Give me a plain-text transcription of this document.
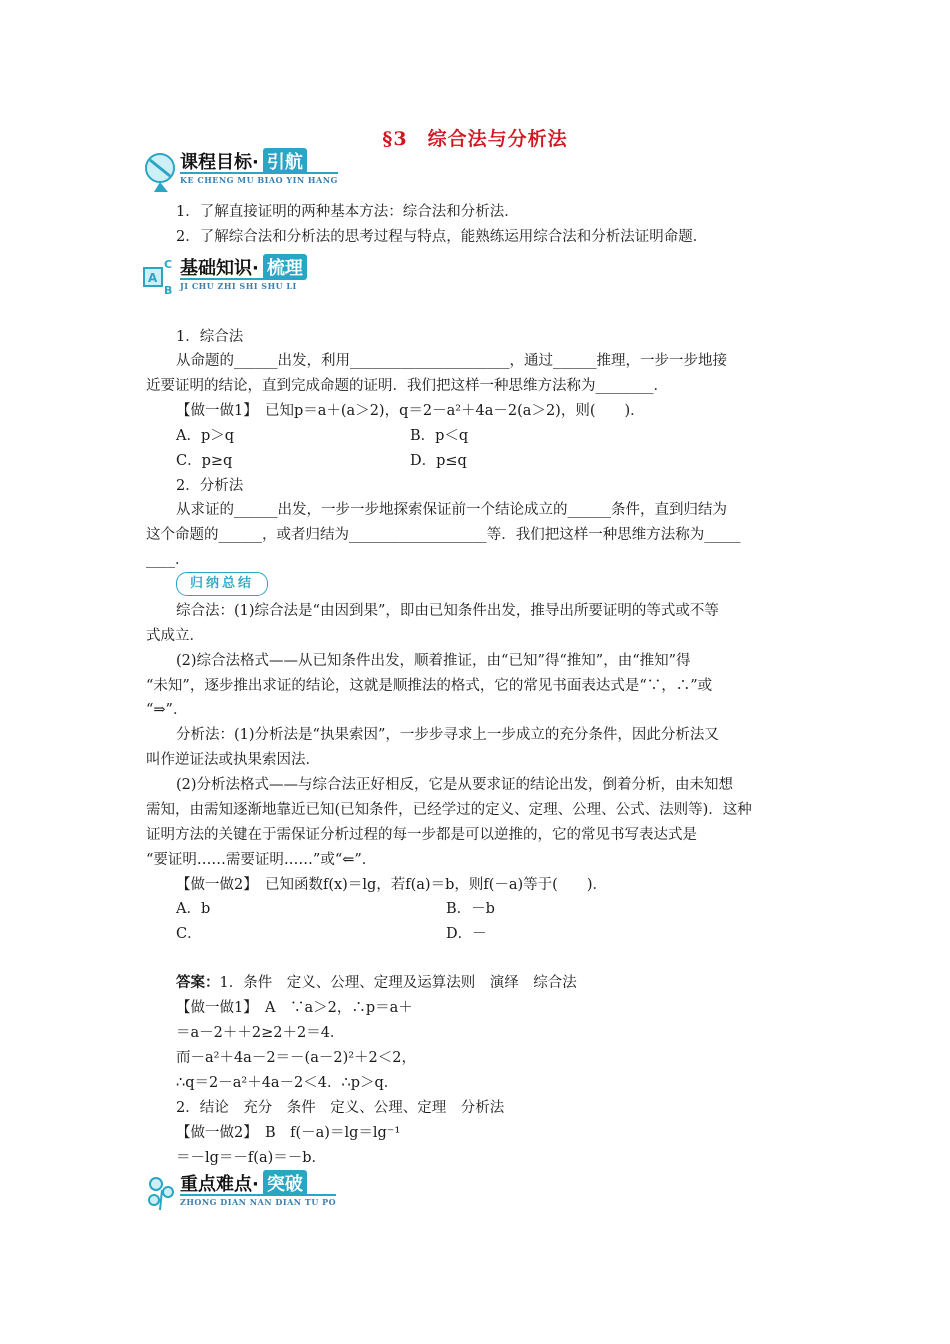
§3　综合法与分析法
课程目标· 引航
KE CHENG MU BIAO YIN HANG
1．了解直接证明的两种基本方法：综合法和分析法．
2．了解综合法和分析法的思考过程与特点，能熟练运用综合法和分析法证明命题．
A
C
B
基础知识· 梳理
JI CHU ZHI SHI SHU LI
1．综合法
从命题的______出发，利用______________________，通过______推理，一步一步地接
近要证明的结论，直到完成命题的证明．我们把这样一种思维方法称为________．
【做一做1】　已知p＝a＋(a＞2)，q＝2－a²＋4a－2(a＞2)，则(　　)．
A．p＞q	B．p＜q
C．p≥q	D．p≤q
2．分析法
从求证的______出发，一步一步地探索保证前一个结论成立的______条件，直到归结为
这个命题的______，或者归结为___________________等．我们把这样一种思维方法称为_____
____．
归纳总结
综合法：(1)综合法是“由因到果”，即由已知条件出发，推导出所要证明的等式或不等
式成立．
(2)综合法格式——从已知条件出发，顺着推证，由“已知”得“推知”，由“推知”得
“未知”，逐步推出求证的结论，这就是顺推法的格式，它的常见书面表达式是“∵，∴”或
“⇒”．
分析法：(1)分析法是“执果索因”，一步步寻求上一步成立的充分条件，因此分析法又
叫作逆证法或执果索因法．
(2)分析法格式——与综合法正好相反，它是从要求证的结论出发，倒着分析，由未知想
需知，由需知逐渐地靠近已知(已知条件，已经学过的定义、定理、公理、公式、法则等)．这种
证明方法的关键在于需保证分析过程的每一步都是可以逆推的，它的常见书写表达式是
“要证明……需要证明……”或“⇐”．
【做一做2】　已知函数f(x)＝lg，若f(a)＝b，则f(－a)等于(　　)．
A．b	B．－b
C．	D．－
答案：1．条件　定义、公理、定理及运算法则　演绎　综合法
【做一做1】　A　∵a＞2，∴p＝a＋
＝a－2＋＋2≥2＋2＝4．
而－a²＋4a－2＝－(a－2)²＋2＜2，
∴q＝2－a²＋4a－2＜4．∴p＞q．
2．结论　充分　条件　定义、公理、定理　分析法
【做一做2】　B　f(－a)＝lg＝lg⁻¹
＝－lg＝－f(a)＝－b．
重点难点· 突破
ZHONG DIAN NAN DIAN TU PO
